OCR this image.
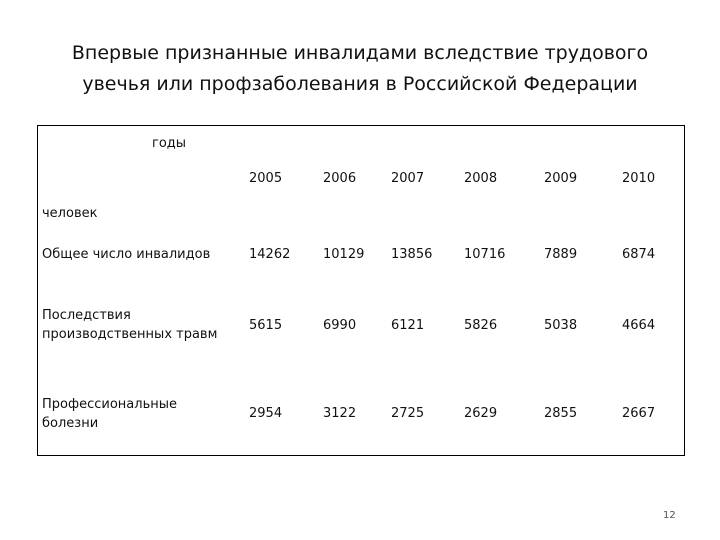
Впервые признанные инвалидами вследствие трудового
увечья или профзаболевания в Российской Федерации
годы
человек
2005	2006	2007	2008	2009	2010
Общее число инвалидов	14262	10129 13856 10716	7889	6874
Последствия
производственных травм
5615	6990	6121	5826	5038	4664
Профессиональные
болезни
2954	3122	2725	2629	2855	2667
12
